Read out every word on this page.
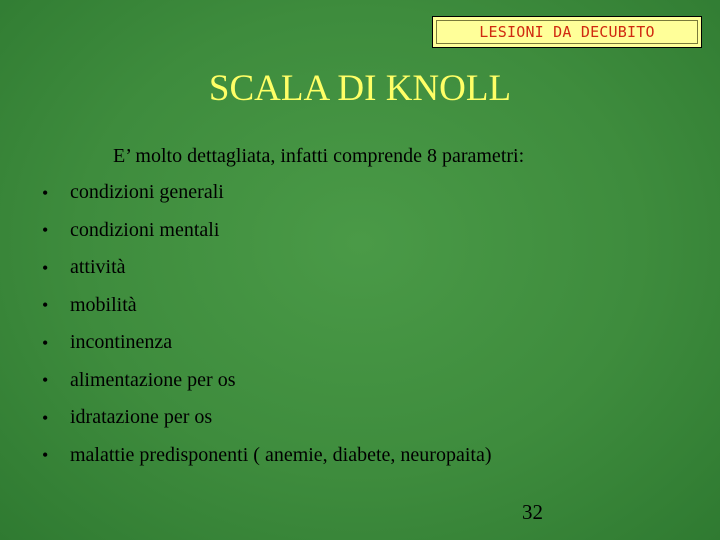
LESIONI DA DECUBITO
SCALA DI KNOLL
E’ molto dettagliata, infatti comprende 8 parametri:
•	condizioni generali
•	condizioni mentali
•	attività
•	mobilità
•	incontinenza
•	alimentazione per os
•	idratazione per os
•	malattie predisponenti ( anemie, diabete, neuropaita)
32
